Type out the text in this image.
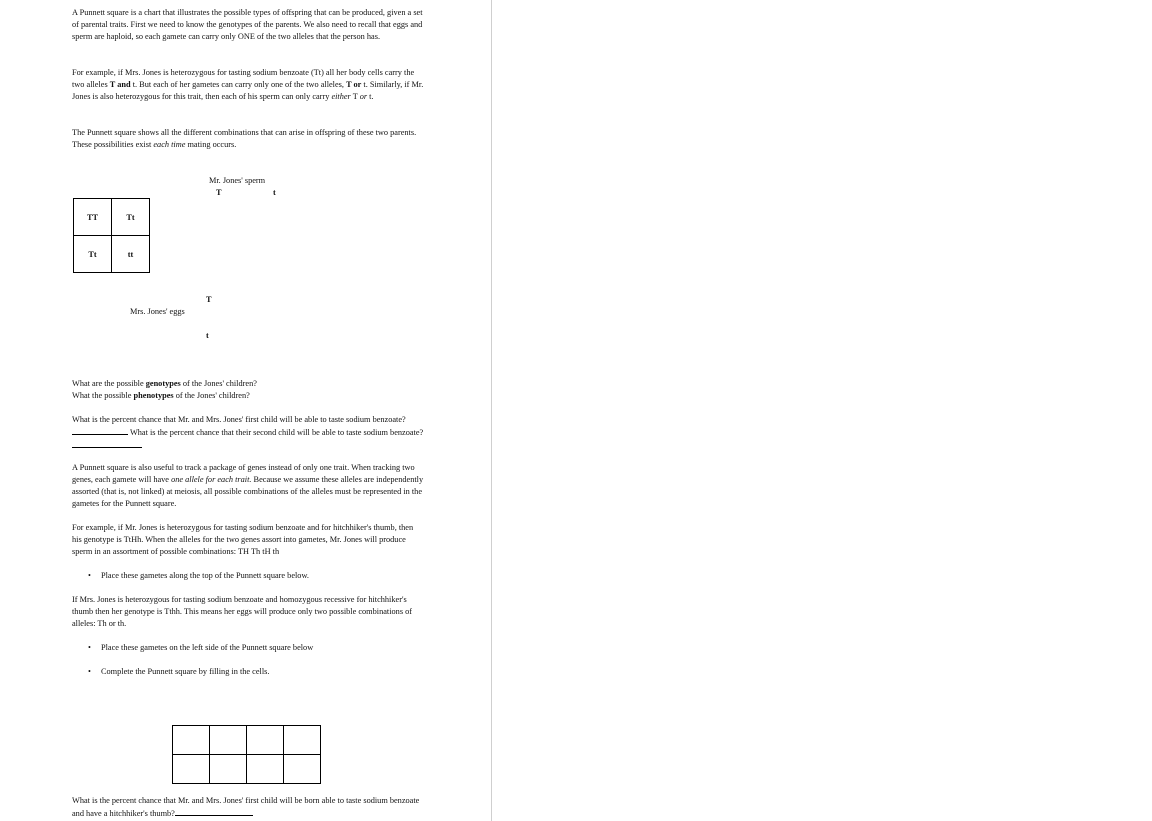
A Punnett square is a chart that illustrates the possible types of offspring that can be produced, given a set of parental traits. First we need to know the genotypes of the parents. We also need to recall that eggs and sperm are haploid, so each gamete can carry only ONE of the two alleles that the person has.

For example, if Mrs. Jones is heterozygous for tasting sodium benzoate (Tt) all her body cells carry the two alleles T and t. But each of her gametes can carry only one of the two alleles, T or t. Similarly, if Mr. Jones is also heterozygous for this trait, then each of his sperm can only carry either T or t.

The Punnett square shows all the different combinations that can arise in offspring of these two parents. These possibilities exist each time mating occurs.

Mr. Jones' sperm
T	t
TT	Tt
Tt	tt
T
Mrs. Jones' eggs
t

What are the possible genotypes of the Jones' children?

What the possible phenotypes of the Jones' children?

What is the percent chance that Mr. and Mrs. Jones' first child will be able to taste sodium benzoate? What is the percent chance that their second child will be able to taste sodium benzoate?

A Punnett square is also useful to track a package of genes instead of only one trait. When tracking two genes, each gamete will have one allele for each trait. Because we assume these alleles are independently assorted (that is, not linked) at meiosis, all possible combinations of the alleles must be represented in the gametes for the Punnett square.

For example, if Mr. Jones is heterozygous for tasting sodium benzoate and for hitchhiker's thumb, then his genotype is TtHh. When the alleles for the two genes assort into gametes, Mr. Jones will produce sperm in an assortment of possible combinations: TH Th tH th

• Place these gametes along the top of the Punnett square below.

If Mrs. Jones is heterozygous for tasting sodium benzoate and homozygous recessive for hitchhiker's thumb then her genotype is Tthh. This means her eggs will produce only two possible combinations of alleles: Th or th.

• Place these gametes on the left side of the Punnett square below
• Complete the Punnett square by filling in the cells.

What is the percent chance that Mr. and Mrs. Jones' first child will be born able to taste sodium benzoate and have a hitchhiker's thumb?
